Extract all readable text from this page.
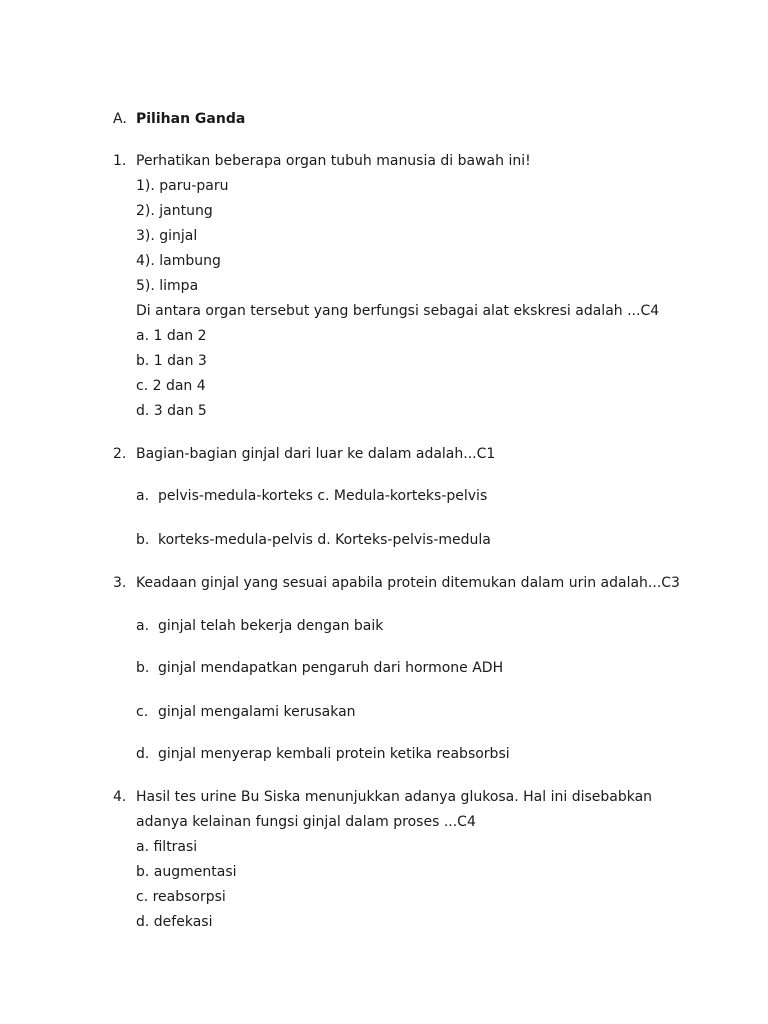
A. Pilihan Ganda
1. Perhatikan beberapa organ tubuh manusia di bawah ini!
1). paru-paru
2). jantung
3). ginjal
4). lambung
5). limpa
Di antara organ tersebut yang berfungsi sebagai alat ekskresi adalah ...C4
a. 1 dan 2
b. 1 dan 3
c. 2 dan 4
d. 3 dan 5
2. Bagian-bagian ginjal dari luar ke dalam adalah...C1
a. pelvis-medula-korteks c. Medula-korteks-pelvis
b. korteks-medula-pelvis d. Korteks-pelvis-medula
3. Keadaan ginjal yang sesuai apabila protein ditemukan dalam urin adalah...C3
a. ginjal telah bekerja dengan baik
b. ginjal mendapatkan pengaruh dari hormone ADH
c. ginjal mengalami kerusakan
d. ginjal menyerap kembali protein ketika reabsorbsi
4. Hasil tes urine Bu Siska menunjukkan adanya glukosa. Hal ini disebabkan
adanya kelainan fungsi ginjal dalam proses ...C4
a. filtrasi
b. augmentasi
c. reabsorpsi
d. defekasi
